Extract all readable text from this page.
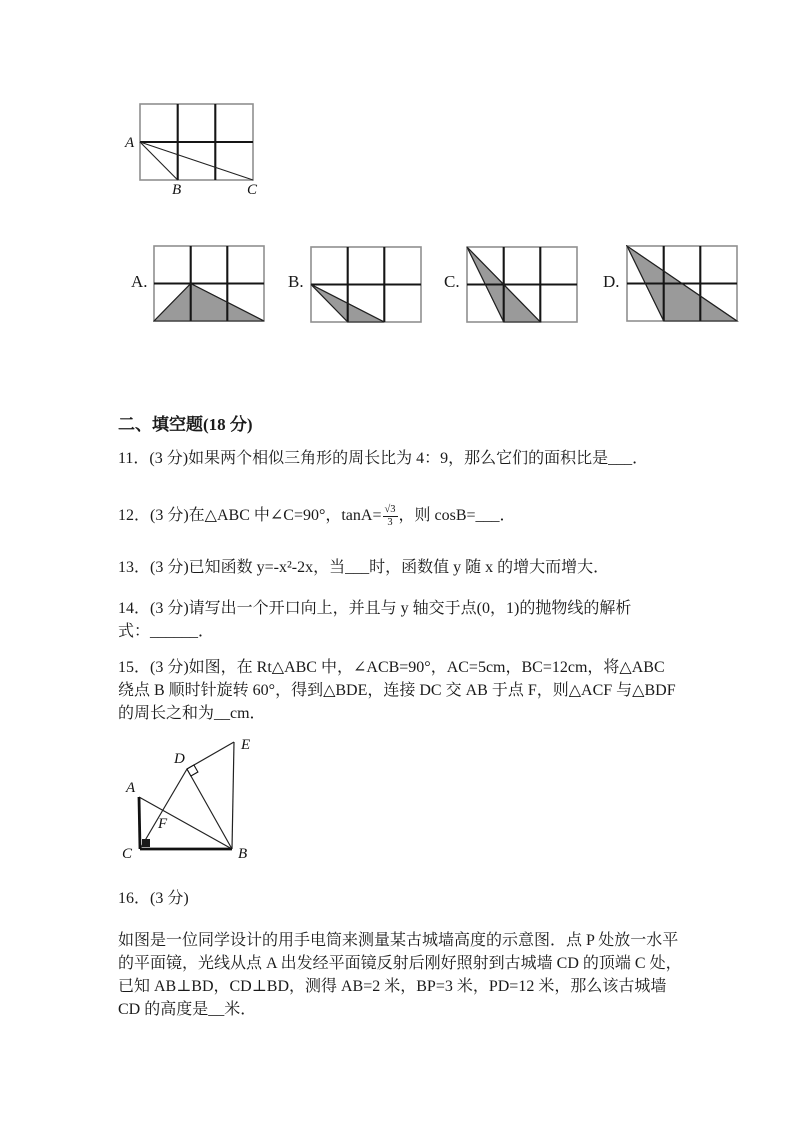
A
B	C
A.	B.	C.	D.
二、填空题(18 分)
11．(3 分)如果两个相似三角形的周长比为 4：9，那么它们的面积比是___．
12．(3 分)在△ABC 中∠C=90°，$\tan A= \frac{√3}{3}$ ，则 cosB=___．
13．(3 分)已知函数 y=-x²-2x，当___时，函数值 y 随 x 的增大而增大．
14．(3 分)请写出一个开口向上，并且与 y 轴交于点(0，1)的抛物线的解析
式：______．
15．(3 分)如图，在 Rt△ABC 中，∠ACB=90°，AC=5cm，BC=12cm，将△ABC
绕点 B 顺时针旋转 60°，得到△BDE，连接 DC 交 AB 于点 F，则△ACF 与△BDF
的周长之和为__cm．
A
C	B
D
E
F
16．(3 分)
如图是一位同学设计的用手电筒来测量某古城墙高度的示意图．点 P 处放一水平
的平面镜，光线从点 A 出发经平面镜反射后刚好照射到古城墙 CD 的顶端 C 处，
已知 AB⊥BD，CD⊥BD，测得 AB=2 米，BP=3 米，PD=12 米，那么该古城墙
CD 的高度是__米．
